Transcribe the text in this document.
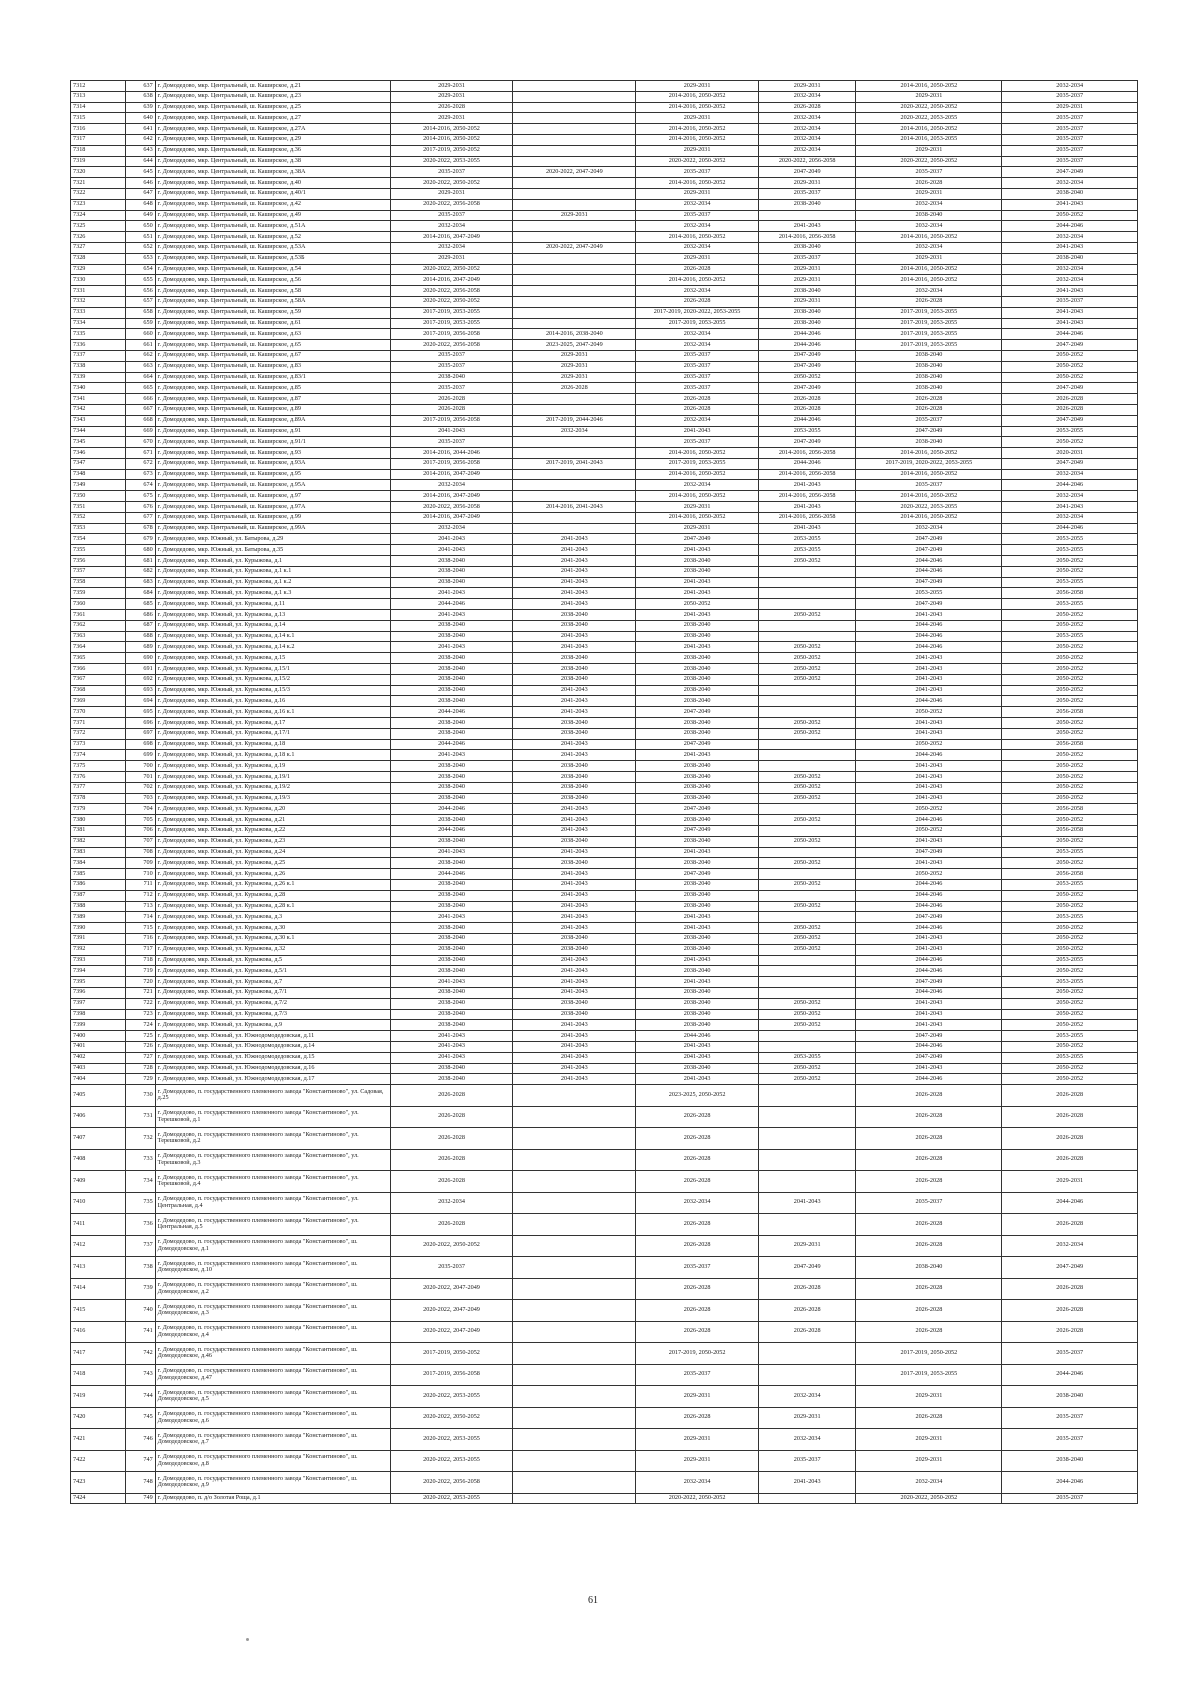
7312	637	г. Домодедово, мкр. Центральный, ш. Каширское, д.21	2029-2031		2029-2031	2029-2031	2014-2016, 2050-2052	2032-2034
7313	638	г. Домодедово, мкр. Центральный, ш. Каширское, д.23	2029-2031		2014-2016, 2050-2052	2032-2034	2029-2031	2035-2037
7314	639	г. Домодедово, мкр. Центральный, ш. Каширское, д.25	2026-2028		2014-2016, 2050-2052	2026-2028	2020-2022, 2050-2052	2029-2031
7315	640	г. Домодедово, мкр. Центральный, ш. Каширское, д.27	2029-2031		2029-2031	2032-2034	2020-2022, 2053-2055	2035-2037
7316	641	г. Домодедово, мкр. Центральный, ш. Каширское, д.27А	2014-2016, 2050-2052		2014-2016, 2050-2052	2032-2034	2014-2016, 2050-2052	2035-2037
7317	642	г. Домодедово, мкр. Центральный, ш. Каширское, д.29	2014-2016, 2050-2052		2014-2016, 2050-2052	2032-2034	2014-2016, 2053-2055	2035-2037
7318	643	г. Домодедово, мкр. Центральный, ш. Каширское, д.36	2017-2019, 2050-2052		2029-2031	2032-2034	2029-2031	2035-2037
7319	644	г. Домодедово, мкр. Центральный, ш. Каширское, д.38	2020-2022, 2053-2055		2020-2022, 2050-2052	2020-2022, 2056-2058	2020-2022, 2050-2052	2035-2037
7320	645	г. Домодедово, мкр. Центральный, ш. Каширское, д.38А	2035-2037	2020-2022, 2047-2049	2035-2037	2047-2049	2035-2037	2047-2049
7321	646	г. Домодедово, мкр. Центральный, ш. Каширское, д.40	2020-2022, 2050-2052		2014-2016, 2050-2052	2029-2031	2026-2028	2032-2034
7322	647	г. Домодедово, мкр. Центральный, ш. Каширское, д.40/1	2029-2031		2029-2031	2035-2037	2029-2031	2038-2040
7323	648	г. Домодедово, мкр. Центральный, ш. Каширское, д.42	2020-2022, 2056-2058		2032-2034	2038-2040	2032-2034	2041-2043
7324	649	г. Домодедово, мкр. Центральный, ш. Каширское, д.49	2035-2037	2029-2031	2035-2037		2038-2040	2050-2052
7325	650	г. Домодедово, мкр. Центральный, ш. Каширское, д.51А	2032-2034		2032-2034	2041-2043	2032-2034	2044-2046
7326	651	г. Домодедово, мкр. Центральный, ш. Каширское, д.52	2014-2016, 2047-2049		2014-2016, 2050-2052	2014-2016, 2056-2058	2014-2016, 2050-2052	2032-2034
7327	652	г. Домодедово, мкр. Центральный, ш. Каширское, д.53А	2032-2034	2020-2022, 2047-2049	2032-2034	2038-2040	2032-2034	2041-2043
7328	653	г. Домодедово, мкр. Центральный, ш. Каширское, д.53Б	2029-2031		2029-2031	2035-2037	2029-2031	2038-2040
7329	654	г. Домодедово, мкр. Центральный, ш. Каширское, д.54	2020-2022, 2050-2052		2026-2028	2029-2031	2014-2016, 2050-2052	2032-2034
7330	655	г. Домодедово, мкр. Центральный, ш. Каширское, д.56	2014-2016, 2047-2049		2014-2016, 2050-2052	2029-2031	2014-2016, 2050-2052	2032-2034
7331	656	г. Домодедово, мкр. Центральный, ш. Каширское, д.58	2020-2022, 2056-2058		2032-2034	2038-2040	2032-2034	2041-2043
7332	657	г. Домодедово, мкр. Центральный, ш. Каширское, д.58А	2020-2022, 2050-2052		2026-2028	2029-2031	2026-2028	2035-2037
7333	658	г. Домодедово, мкр. Центральный, ш. Каширское, д.59	2017-2019, 2053-2055		2017-2019, 2020-2022, 2053-2055	2038-2040	2017-2019, 2053-2055	2041-2043
7334	659	г. Домодедово, мкр. Центральный, ш. Каширское, д.61	2017-2019, 2053-2055		2017-2019, 2053-2055	2038-2040	2017-2019, 2053-2055	2041-2043
7335	660	г. Домодедово, мкр. Центральный, ш. Каширское, д.63	2017-2019, 2056-2058	2014-2016, 2038-2040	2032-2034	2044-2046	2017-2019, 2053-2055	2044-2046
7336	661	г. Домодедово, мкр. Центральный, ш. Каширское, д.65	2020-2022, 2056-2058	2023-2025, 2047-2049	2032-2034	2044-2046	2017-2019, 2053-2055	2047-2049
7337	662	г. Домодедово, мкр. Центральный, ш. Каширское, д.67	2035-2037	2029-2031	2035-2037	2047-2049	2038-2040	2050-2052
7338	663	г. Домодедово, мкр. Центральный, ш. Каширское, д.83	2035-2037	2029-2031	2035-2037	2047-2049	2038-2040	2050-2052
7339	664	г. Домодедово, мкр. Центральный, ш. Каширское, д.83/1	2038-2040	2029-2031	2035-2037	2050-2052	2038-2040	2050-2052
7340	665	г. Домодедово, мкр. Центральный, ш. Каширское, д.85	2035-2037	2026-2028	2035-2037	2047-2049	2038-2040	2047-2049
7341	666	г. Домодедово, мкр. Центральный, ш. Каширское, д.87	2026-2028		2026-2028	2026-2028	2026-2028	2026-2028
7342	667	г. Домодедово, мкр. Центральный, ш. Каширское, д.89	2026-2028		2026-2028	2026-2028	2026-2028	2026-2028
7343	668	г. Домодедово, мкр. Центральный, ш. Каширское, д.89А	2017-2019, 2056-2058	2017-2019, 2044-2046	2032-2034	2044-2046	2035-2037	2047-2049
7344	669	г. Домодедово, мкр. Центральный, ш. Каширское, д.91	2041-2043	2032-2034	2041-2043	2053-2055	2047-2049	2053-2055
7345	670	г. Домодедово, мкр. Центральный, ш. Каширское, д.91/1	2035-2037		2035-2037	2047-2049	2038-2040	2050-2052
7346	671	г. Домодедово, мкр. Центральный, ш. Каширское, д.93	2014-2016, 2044-2046		2014-2016, 2050-2052	2014-2016, 2056-2058	2014-2016, 2050-2052	2020-2031
7347	672	г. Домодедово, мкр. Центральный, ш. Каширское, д.93А	2017-2019, 2056-2058	2017-2019, 2041-2043	2017-2019, 2053-2055	2044-2046	2017-2019, 2020-2022, 2053-2055	2047-2049
7348	673	г. Домодедово, мкр. Центральный, ш. Каширское, д.95	2014-2016, 2047-2049		2014-2016, 2050-2052	2014-2016, 2056-2058	2014-2016, 2050-2052	2032-2034
7349	674	г. Домодедово, мкр. Центральный, ш. Каширское, д.95А	2032-2034		2032-2034	2041-2043	2035-2037	2044-2046
7350	675	г. Домодедово, мкр. Центральный, ш. Каширское, д.97	2014-2016, 2047-2049		2014-2016, 2050-2052	2014-2016, 2056-2058	2014-2016, 2050-2052	2032-2034
7351	676	г. Домодедово, мкр. Центральный, ш. Каширское, д.97А	2020-2022, 2056-2058	2014-2016, 2041-2043	2029-2031	2041-2043	2020-2022, 2053-2055	2041-2043
7352	677	г. Домодедово, мкр. Центральный, ш. Каширское, д.99	2014-2016, 2047-2049		2014-2016, 2050-2052	2014-2016, 2056-2058	2014-2016, 2050-2052	2032-2034
7353	678	г. Домодедово, мкр. Центральный, ш. Каширское, д.99А	2032-2034		2029-2031	2041-2043	2032-2034	2044-2046
7354	679	г. Домодедово, мкр. Южный, ул. Батырова, д.29	2041-2043	2041-2043	2047-2049	2053-2055	2047-2049	2053-2055
7355	680	г. Домодедово, мкр. Южный, ул. Батырова, д.35	2041-2043	2041-2043	2041-2043	2053-2055	2047-2049	2053-2055
7356	681	г. Домодедово, мкр. Южный, ул. Курыжова, д.1	2038-2040	2041-2043	2038-2040	2050-2052	2044-2046	2050-2052
7357	682	г. Домодедово, мкр. Южный, ул. Курыжова, д.1 к.1	2038-2040	2041-2043	2038-2040		2044-2046	2050-2052
7358	683	г. Домодедово, мкр. Южный, ул. Курыжова, д.1 к.2	2038-2040	2041-2043	2041-2043		2047-2049	2053-2055
7359	684	г. Домодедово, мкр. Южный, ул. Курыжова, д.1 к.3	2041-2043	2041-2043	2041-2043		2053-2055	2056-2058
7360	685	г. Домодедово, мкр. Южный, ул. Курыжова, д.11	2044-2046	2041-2043	2050-2052		2047-2049	2053-2055
7361	686	г. Домодедово, мкр. Южный, ул. Курыжова, д.13	2041-2043	2038-2040	2041-2043	2050-2052	2041-2043	2050-2052
7362	687	г. Домодедово, мкр. Южный, ул. Курыжова, д.14	2038-2040	2038-2040	2038-2040		2044-2046	2050-2052
7363	688	г. Домодедово, мкр. Южный, ул. Курыжова, д.14 к.1	2038-2040	2041-2043	2038-2040		2044-2046	2053-2055
7364	689	г. Домодедово, мкр. Южный, ул. Курыжова, д.14 к.2	2041-2043	2041-2043	2041-2043	2050-2052	2044-2046	2050-2052
7365	690	г. Домодедово, мкр. Южный, ул. Курыжова, д.15	2038-2040	2038-2040	2038-2040	2050-2052	2041-2043	2050-2052
7366	691	г. Домодедово, мкр. Южный, ул. Курыжова, д.15/1	2038-2040	2038-2040	2038-2040	2050-2052	2041-2043	2050-2052
7367	692	г. Домодедово, мкр. Южный, ул. Курыжова, д.15/2	2038-2040	2038-2040	2038-2040	2050-2052	2041-2043	2050-2052
7368	693	г. Домодедово, мкр. Южный, ул. Курыжова, д.15/3	2038-2040	2041-2043	2038-2040		2041-2043	2050-2052
7369	694	г. Домодедово, мкр. Южный, ул. Курыжова, д.16	2038-2040	2041-2043	2038-2040		2044-2046	2050-2052
7370	695	г. Домодедово, мкр. Южный, ул. Курыжова, д.16 к.1	2044-2046	2041-2043	2047-2049		2050-2052	2056-2058
7371	696	г. Домодедово, мкр. Южный, ул. Курыжова, д.17	2038-2040	2038-2040	2038-2040	2050-2052	2041-2043	2050-2052
7372	697	г. Домодедово, мкр. Южный, ул. Курыжова, д.17/1	2038-2040	2038-2040	2038-2040	2050-2052	2041-2043	2050-2052
7373	698	г. Домодедово, мкр. Южный, ул. Курыжова, д.18	2044-2046	2041-2043	2047-2049		2050-2052	2056-2058
7374	699	г. Домодедово, мкр. Южный, ул. Курыжова, д.18 к.1	2041-2043	2041-2043	2041-2043		2044-2046	2050-2052
7375	700	г. Домодедово, мкр. Южный, ул. Курыжова, д.19	2038-2040	2038-2040	2038-2040		2041-2043	2050-2052
7376	701	г. Домодедово, мкр. Южный, ул. Курыжова, д.19/1	2038-2040	2038-2040	2038-2040	2050-2052	2041-2043	2050-2052
7377	702	г. Домодедово, мкр. Южный, ул. Курыжова, д.19/2	2038-2040	2038-2040	2038-2040	2050-2052	2041-2043	2050-2052
7378	703	г. Домодедово, мкр. Южный, ул. Курыжова, д.19/3	2038-2040	2038-2040	2038-2040	2050-2052	2041-2043	2050-2052
7379	704	г. Домодедово, мкр. Южный, ул. Курыжова, д.20	2044-2046	2041-2043	2047-2049		2050-2052	2056-2058
7380	705	г. Домодедово, мкр. Южный, ул. Курыжова, д.21	2038-2040	2041-2043	2038-2040	2050-2052	2044-2046	2050-2052
7381	706	г. Домодедово, мкр. Южный, ул. Курыжова, д.22	2044-2046	2041-2043	2047-2049		2050-2052	2056-2058
7382	707	г. Домодедово, мкр. Южный, ул. Курыжова, д.23	2038-2040	2038-2040	2038-2040	2050-2052	2041-2043	2050-2052
7383	708	г. Домодедово, мкр. Южный, ул. Курыжова, д.24	2041-2043	2041-2043	2041-2043		2047-2049	2053-2055
7384	709	г. Домодедово, мкр. Южный, ул. Курыжова, д.25	2038-2040	2038-2040	2038-2040	2050-2052	2041-2043	2050-2052
7385	710	г. Домодедово, мкр. Южный, ул. Курыжова, д.26	2044-2046	2041-2043	2047-2049		2050-2052	2056-2058
7386	711	г. Домодедово, мкр. Южный, ул. Курыжова, д.26 к.1	2038-2040	2041-2043	2038-2040	2050-2052	2044-2046	2053-2055
7387	712	г. Домодедово, мкр. Южный, ул. Курыжова, д.28	2038-2040	2041-2043	2038-2040		2044-2046	2050-2052
7388	713	г. Домодедово, мкр. Южный, ул. Курыжова, д.28 к.1	2038-2040	2041-2043	2038-2040	2050-2052	2044-2046	2050-2052
7389	714	г. Домодедово, мкр. Южный, ул. Курыжова, д.3	2041-2043	2041-2043	2041-2043		2047-2049	2053-2055
7390	715	г. Домодедово, мкр. Южный, ул. Курыжова, д.30	2038-2040	2041-2043	2041-2043	2050-2052	2044-2046	2050-2052
7391	716	г. Домодедово, мкр. Южный, ул. Курыжова, д.30 к.1	2038-2040	2038-2040	2038-2040	2050-2052	2041-2043	2050-2052
7392	717	г. Домодедово, мкр. Южный, ул. Курыжова, д.32	2038-2040	2038-2040	2038-2040	2050-2052	2041-2043	2050-2052
7393	718	г. Домодедово, мкр. Южный, ул. Курыжова, д.5	2038-2040	2041-2043	2041-2043		2044-2046	2053-2055
7394	719	г. Домодедово, мкр. Южный, ул. Курыжова, д.5/1	2038-2040	2041-2043	2038-2040		2044-2046	2050-2052
7395	720	г. Домодедово, мкр. Южный, ул. Курыжова, д.7	2041-2043	2041-2043	2041-2043		2047-2049	2053-2055
7396	721	г. Домодедово, мкр. Южный, ул. Курыжова, д.7/1	2038-2040	2041-2043	2038-2040		2044-2046	2050-2052
7397	722	г. Домодедово, мкр. Южный, ул. Курыжова, д.7/2	2038-2040	2038-2040	2038-2040	2050-2052	2041-2043	2050-2052
7398	723	г. Домодедово, мкр. Южный, ул. Курыжова, д.7/3	2038-2040	2038-2040	2038-2040	2050-2052	2041-2043	2050-2052
7399	724	г. Домодедово, мкр. Южный, ул. Курыжова, д.9	2038-2040	2041-2043	2038-2040	2050-2052	2041-2043	2050-2052
7400	725	г. Домодедово, мкр. Южный, ул. Южнодомодедовская, д.11	2041-2043	2041-2043	2044-2046		2047-2049	2053-2055
7401	726	г. Домодедово, мкр. Южный, ул. Южнодомодедовская, д.14	2041-2043	2041-2043	2041-2043		2044-2046	2050-2052
7402	727	г. Домодедово, мкр. Южный, ул. Южнодомодедовская, д.15	2041-2043	2041-2043	2041-2043	2053-2055	2047-2049	2053-2055
7403	728	г. Домодедово, мкр. Южный, ул. Южнодомодедовская, д.16	2038-2040	2041-2043	2038-2040	2050-2052	2041-2043	2050-2052
7404	729	г. Домодедово, мкр. Южный, ул. Южнодомодедовская, д.17	2038-2040	2041-2043	2041-2043	2050-2052	2044-2046	2050-2052
7405	730	г. Домодедово, п. государственного племенного завода "Константиново", ул. Садовая, д.25	2026-2028		2023-2025, 2050-2052		2026-2028	2026-2028
7406	731	г. Домодедово, п. государственного племенного завода "Константиново", ул. Терешковой, д.1	2026-2028		2026-2028		2026-2028	2026-2028
7407	732	г. Домодедово, п. государственного племенного завода "Константиново", ул. Терешковой, д.2	2026-2028		2026-2028		2026-2028	2026-2028
7408	733	г. Домодедово, п. государственного племенного завода "Константиново", ул. Терешковой, д.3	2026-2028		2026-2028		2026-2028	2026-2028
7409	734	г. Домодедово, п. государственного племенного завода "Константиново", ул. Терешковой, д.4	2026-2028		2026-2028		2026-2028	2029-2031
7410	735	г. Домодедово, п. государственного племенного завода "Константиново", ул. Центральная, д.4	2032-2034		2032-2034	2041-2043	2035-2037	2044-2046
7411	736	г. Домодедово, п. государственного племенного завода "Константиново", ул. Центральная, д.5	2026-2028		2026-2028		2026-2028	2026-2028
7412	737	г. Домодедово, п. государственного племенного завода "Константиново", ш. Домодедовское, д.1	2020-2022, 2050-2052		2026-2028	2029-2031	2026-2028	2032-2034
7413	738	г. Домодедово, п. государственного племенного завода "Константиново", ш. Домодедовское, д.10	2035-2037		2035-2037	2047-2049	2038-2040	2047-2049
7414	739	г. Домодедово, п. государственного племенного завода "Константиново", ш. Домодедовское, д.2	2020-2022, 2047-2049		2026-2028	2026-2028	2026-2028	2026-2028
7415	740	г. Домодедово, п. государственного племенного завода "Константиново", ш. Домодедовское, д.3	2020-2022, 2047-2049		2026-2028	2026-2028	2026-2028	2026-2028
7416	741	г. Домодедово, п. государственного племенного завода "Константиново", ш. Домодедовское, д.4	2020-2022, 2047-2049		2026-2028	2026-2028	2026-2028	2026-2028
7417	742	г. Домодедово, п. государственного племенного завода "Константиново", ш. Домодедовское, д.46	2017-2019, 2050-2052		2017-2019, 2050-2052		2017-2019, 2050-2052	2035-2037
7418	743	г. Домодедово, п. государственного племенного завода "Константиново", ш. Домодедовское, д.47	2017-2019, 2056-2058		2035-2037		2017-2019, 2053-2055	2044-2046
7419	744	г. Домодедово, п. государственного племенного завода "Константиново", ш. Домодедовское, д.5	2020-2022, 2053-2055		2029-2031	2032-2034	2029-2031	2038-2040
7420	745	г. Домодедово, п. государственного племенного завода "Константиново", ш. Домодедовское, д.6	2020-2022, 2050-2052		2026-2028	2029-2031	2026-2028	2035-2037
7421	746	г. Домодедово, п. государственного племенного завода "Константиново", ш. Домодедовское, д.7	2020-2022, 2053-2055		2029-2031	2032-2034	2029-2031	2035-2037
7422	747	г. Домодедово, п. государственного племенного завода "Константиново", ш. Домодедовское, д.8	2020-2022, 2053-2055		2029-2031	2035-2037	2029-2031	2038-2040
7423	748	г. Домодедово, п. государственного племенного завода "Константиново", ш. Домодедовское, д.9	2020-2022, 2056-2058		2032-2034	2041-2043	2032-2034	2044-2046
7424	749	г. Домодедово, п. д/о Золотая Роща, д.1	2020-2022, 2053-2055		2020-2022, 2050-2052		2020-2022, 2050-2052	2035-2037
61
